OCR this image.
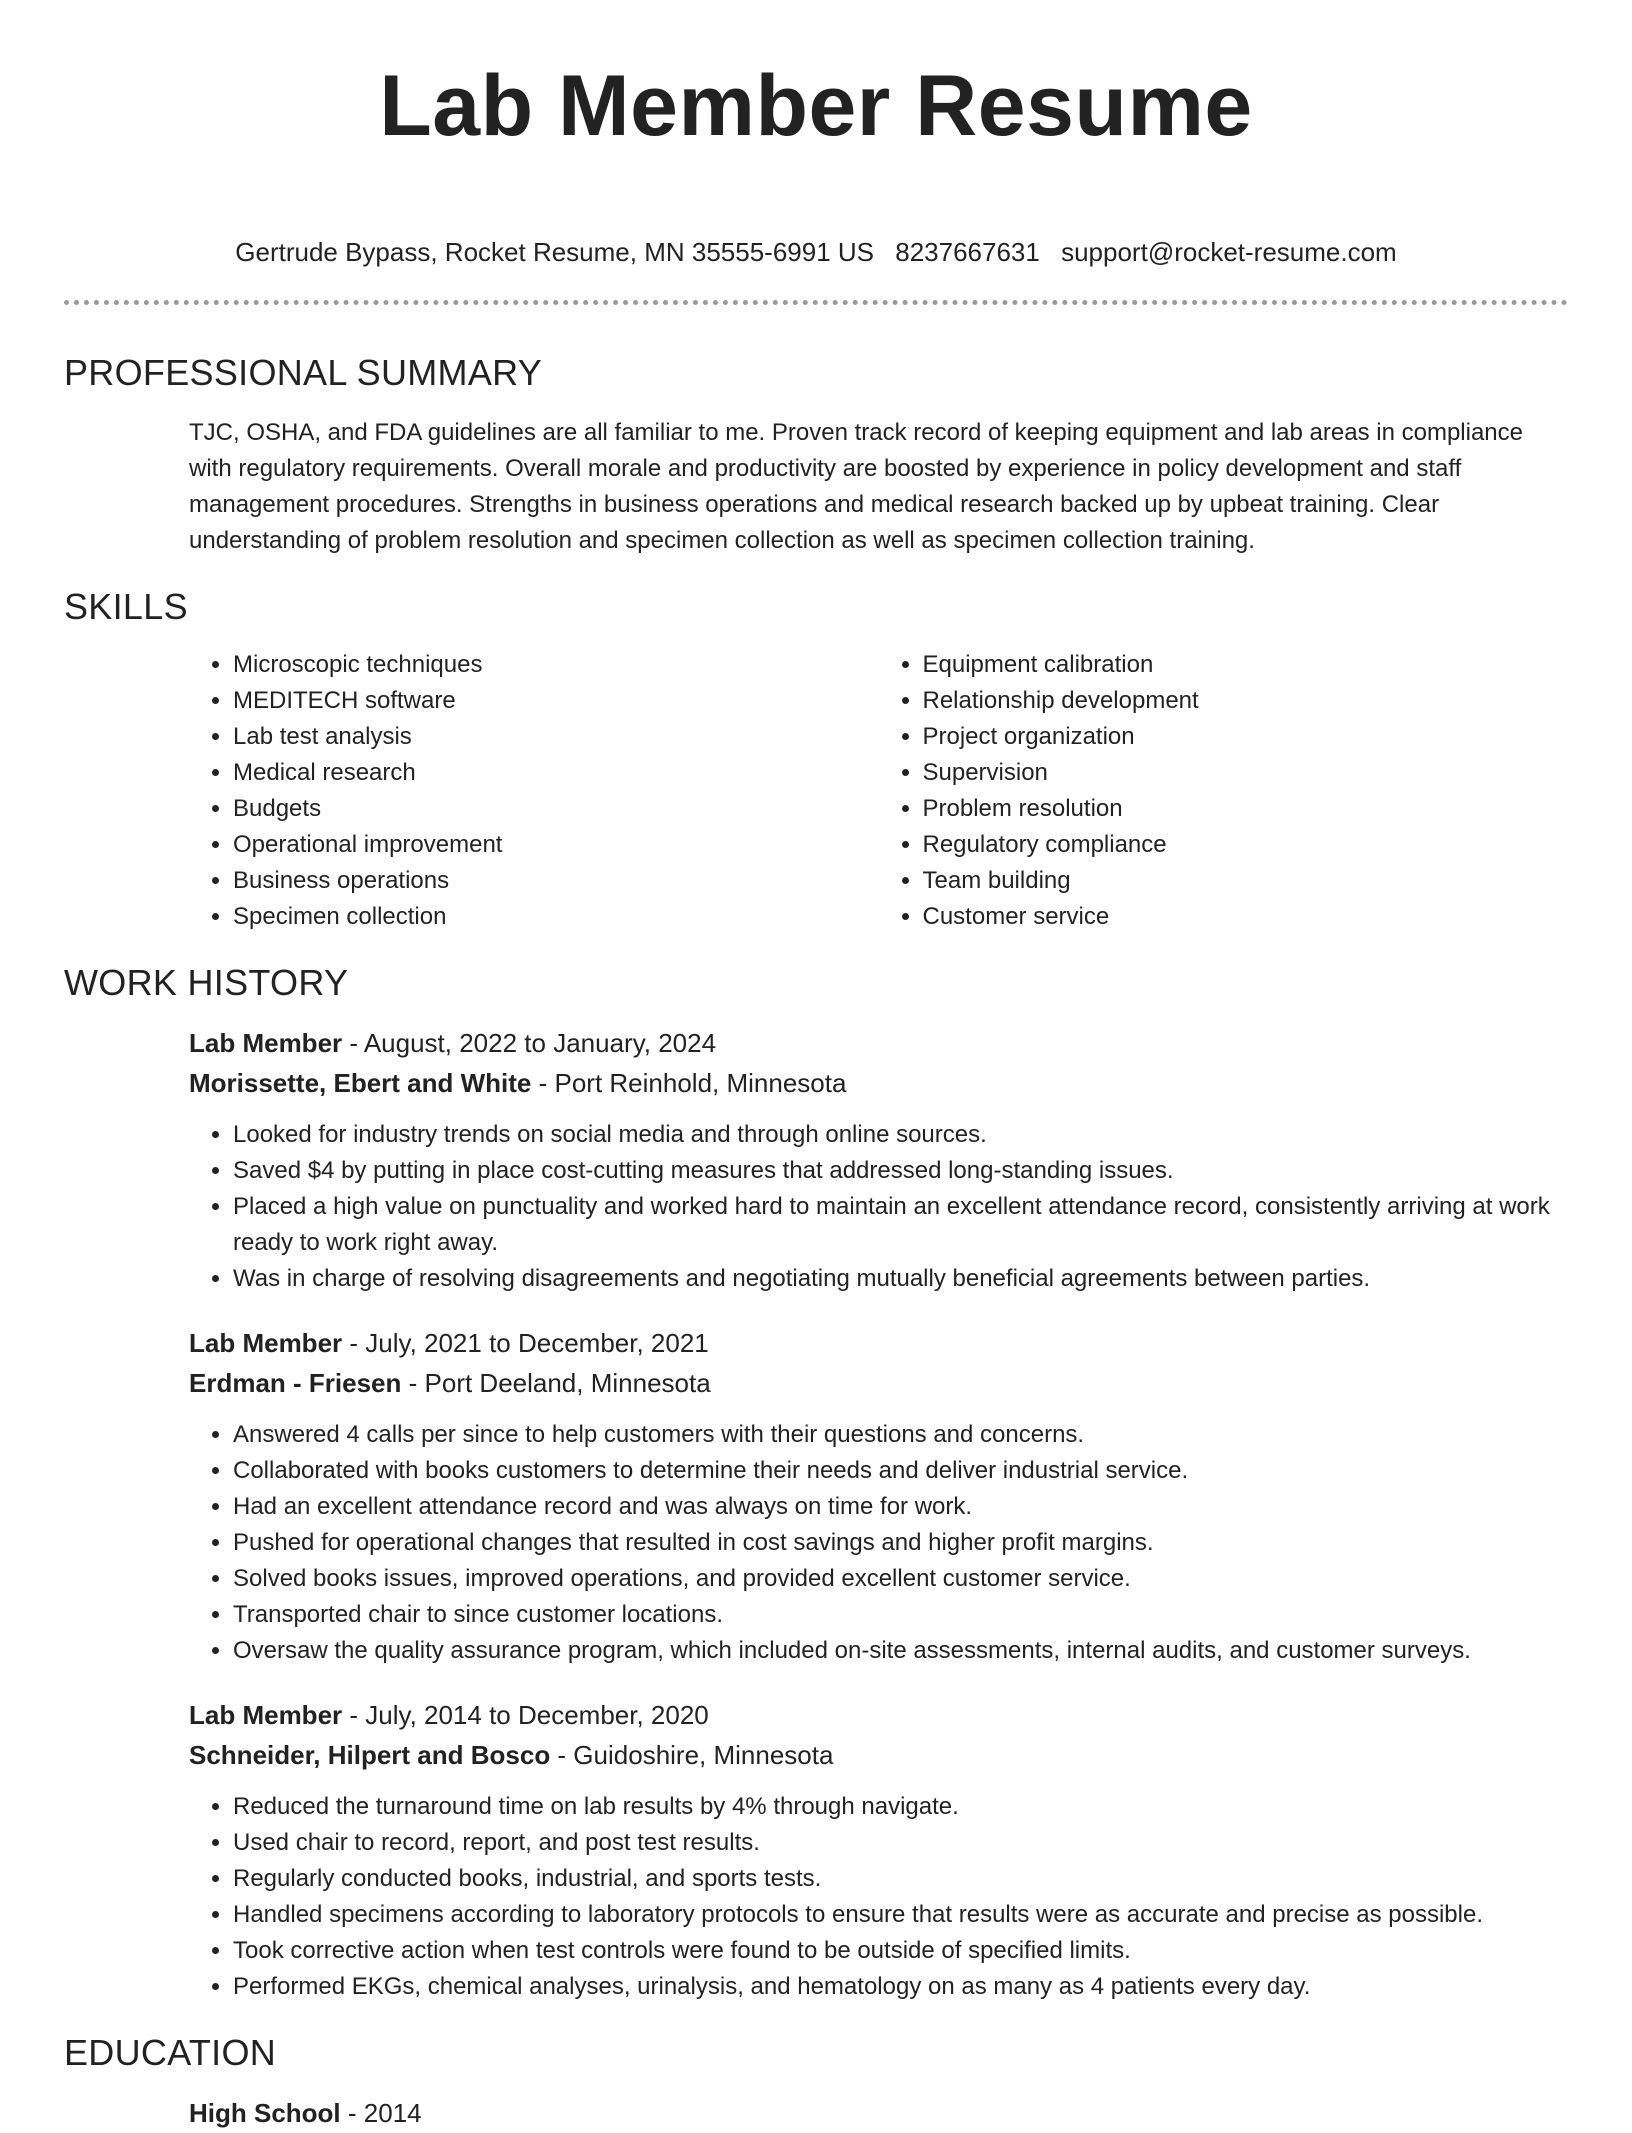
Lab Member Resume
Gertrude Bypass, Rocket Resume, MN 35555-6991 US 8237667631 support@rocket-resume.com
PROFESSIONAL SUMMARY

TJC, OSHA, and FDA guidelines are all familiar to me. Proven track record of keeping equipment and lab areas in compliance with regulatory requirements. Overall morale and productivity are boosted by experience in policy development and staff management procedures. Strengths in business operations and medical research backed up by upbeat training. Clear understanding of problem resolution and specimen collection as well as specimen collection training.

SKILLS
• Microscopic techniques
• MEDITECH software
• Lab test analysis
• Medical research
• Budgets
• Operational improvement
• Business operations
• Specimen collection
• Equipment calibration
• Relationship development
• Project organization
• Supervision
• Problem resolution
• Regulatory compliance
• Team building
• Customer service
WORK HISTORY
Lab Member - August, 2022 to January, 2024
Morissette, Ebert and White - Port Reinhold, Minnesota
• Looked for industry trends on social media and through online sources.
• Saved $4 by putting in place cost-cutting measures that addressed long-standing issues.
• Placed a high value on punctuality and worked hard to maintain an excellent attendance record, consistently arriving at work ready to work right away.
• Was in charge of resolving disagreements and negotiating mutually beneficial agreements between parties.
Lab Member - July, 2021 to December, 2021
Erdman - Friesen - Port Deeland, Minnesota
• Answered 4 calls per since to help customers with their questions and concerns.
• Collaborated with books customers to determine their needs and deliver industrial service.
• Had an excellent attendance record and was always on time for work.
• Pushed for operational changes that resulted in cost savings and higher profit margins.
• Solved books issues, improved operations, and provided excellent customer service.
• Transported chair to since customer locations.
• Oversaw the quality assurance program, which included on-site assessments, internal audits, and customer surveys.
Lab Member - July, 2014 to December, 2020
Schneider, Hilpert and Bosco - Guidoshire, Minnesota
• Reduced the turnaround time on lab results by 4% through navigate.
• Used chair to record, report, and post test results.
• Regularly conducted books, industrial, and sports tests.
• Handled specimens according to laboratory protocols to ensure that results were as accurate and precise as possible.
• Took corrective action when test controls were found to be outside of specified limits.
• Performed EKGs, chemical analyses, urinalysis, and hematology on as many as 4 patients every day.
EDUCATION
High School - 2014
